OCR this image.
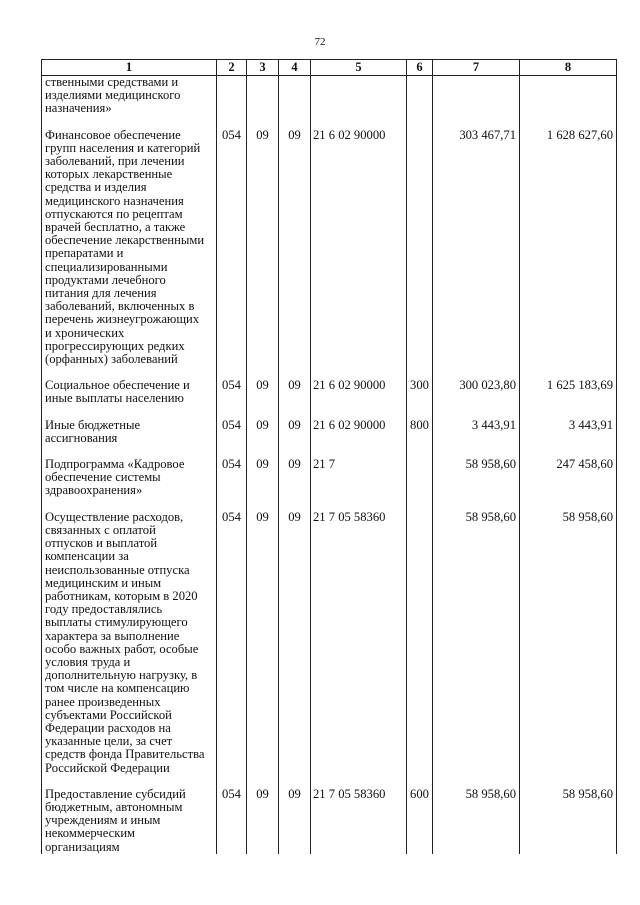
72
1	2	3	4	5	6	7	8

ственными средствами и изделиями медицинского назначения»							

Финансовое обеспечение групп населения и категорий заболеваний, при лечении которых лекарственные средства и изделия медицинского назначения отпускаются по рецептам врачей бесплатно, а также обеспечение лекарственными препаратами и специализированными продуктами лечебного питания для лечения заболеваний, включенных в перечень жизнеугрожающих и хронических прогрессирующих редких (орфанных) заболеваний	054	09	09	21 6 02 90000		303 467,71	1 628 627,60

Социальное обеспечение и иные выплаты населению	054	09	09	21 6 02 90000	300	300 023,80	1 625 183,69

Иные бюджетные ассигнования	054	09	09	21 6 02 90000	800	3 443,91	3 443,91

Подпрограмма «Кадровое обеспечение системы здравоохранения»	054	09	09	21 7		58 958,60	247 458,60

Осуществление расходов, связанных с оплатой отпусков и выплатой компенсации за неиспользованные отпуска медицинским и иным работникам, которым в 2020 году предоставлялись выплаты стимулирующего характера за выполнение особо важных работ, особые условия труда и дополнительную нагрузку, в том числе на компенсацию ранее произведенных субъектами Российской Федерации расходов на указанные цели, за счет средств фонда Правительства Российской Федерации	054	09	09	21 7 05 58360		58 958,60	58 958,60

Предоставление субсидий бюджетным, автономным учреждениям и иным некоммерческим организациям	054	09	09	21 7 05 58360	600	58 958,60	58 958,60
